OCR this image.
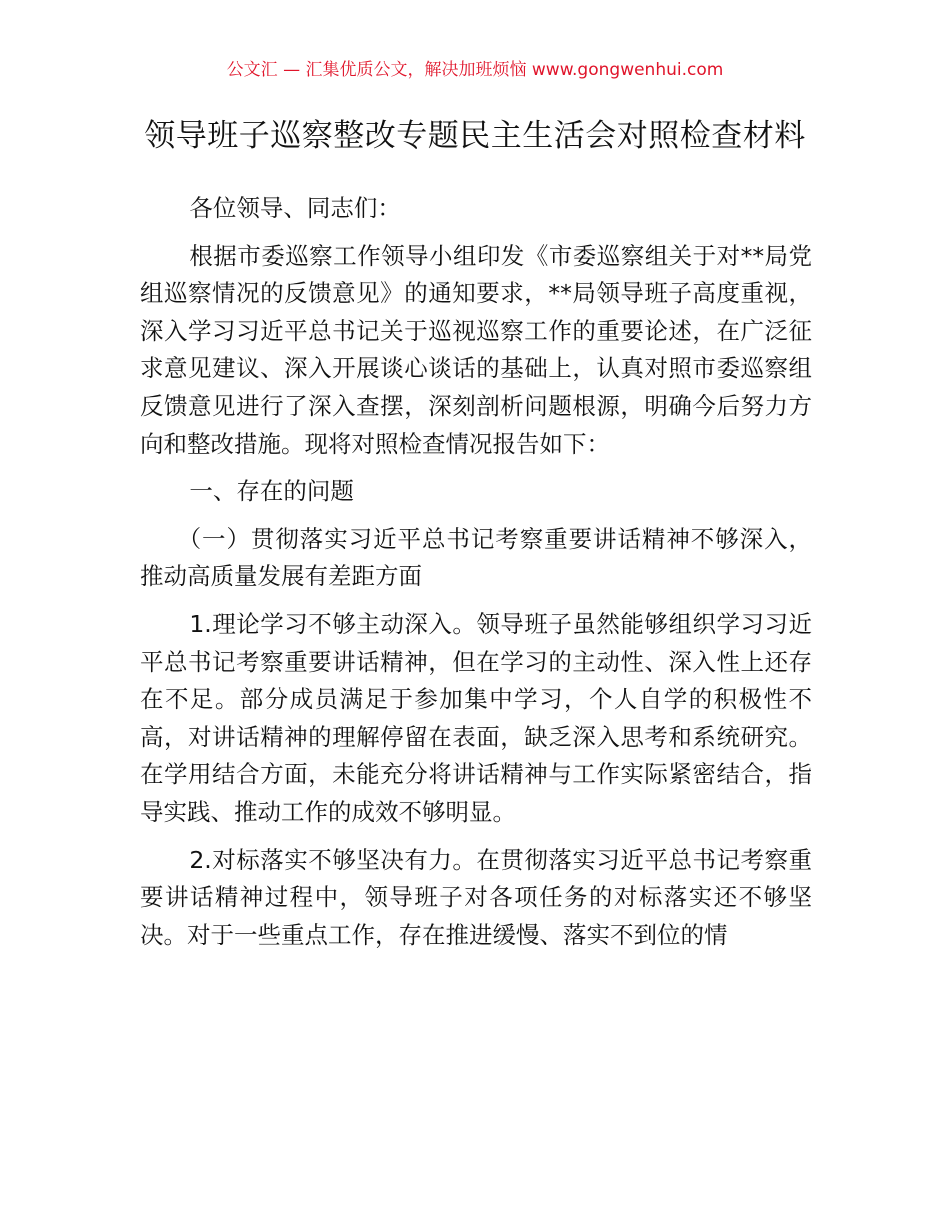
公文汇 — 汇集优质公文，解决加班烦恼 www.gongwenhui.com
领导班子巡察整改专题民主生活会对照检查材料

各位领导、同志们：

根据市委巡察工作领导小组印发《市委巡察组关于对**局党组巡察情况的反馈意见》的通知要求，**局领导班子高度重视，深入学习习近平总书记关于巡视巡察工作的重要论述，在广泛征求意见建议、深入开展谈心谈话的基础上，认真对照市委巡察组反馈意见进行了深入查摆，深刻剖析问题根源，明确今后努力方向和整改措施。现将对照检查情况报告如下：

一、存在的问题

（一）贯彻落实习近平总书记考察重要讲话精神不够深入，推动高质量发展有差距方面

1.理论学习不够主动深入。领导班子虽然能够组织学习习近平总书记考察重要讲话精神，但在学习的主动性、深入性上还存在不足。部分成员满足于参加集中学习，个人自学的积极性不高，对讲话精神的理解停留在表面，缺乏深入思考和系统研究。在学用结合方面，未能充分将讲话精神与工作实际紧密结合，指导实践、推动工作的成效不够明显。

2.对标落实不够坚决有力。在贯彻落实习近平总书记考察重要讲话精神过程中，领导班子对各项任务的对标落实还不够坚决。对于一些重点工作，存在推进缓慢、落实不到位的情
